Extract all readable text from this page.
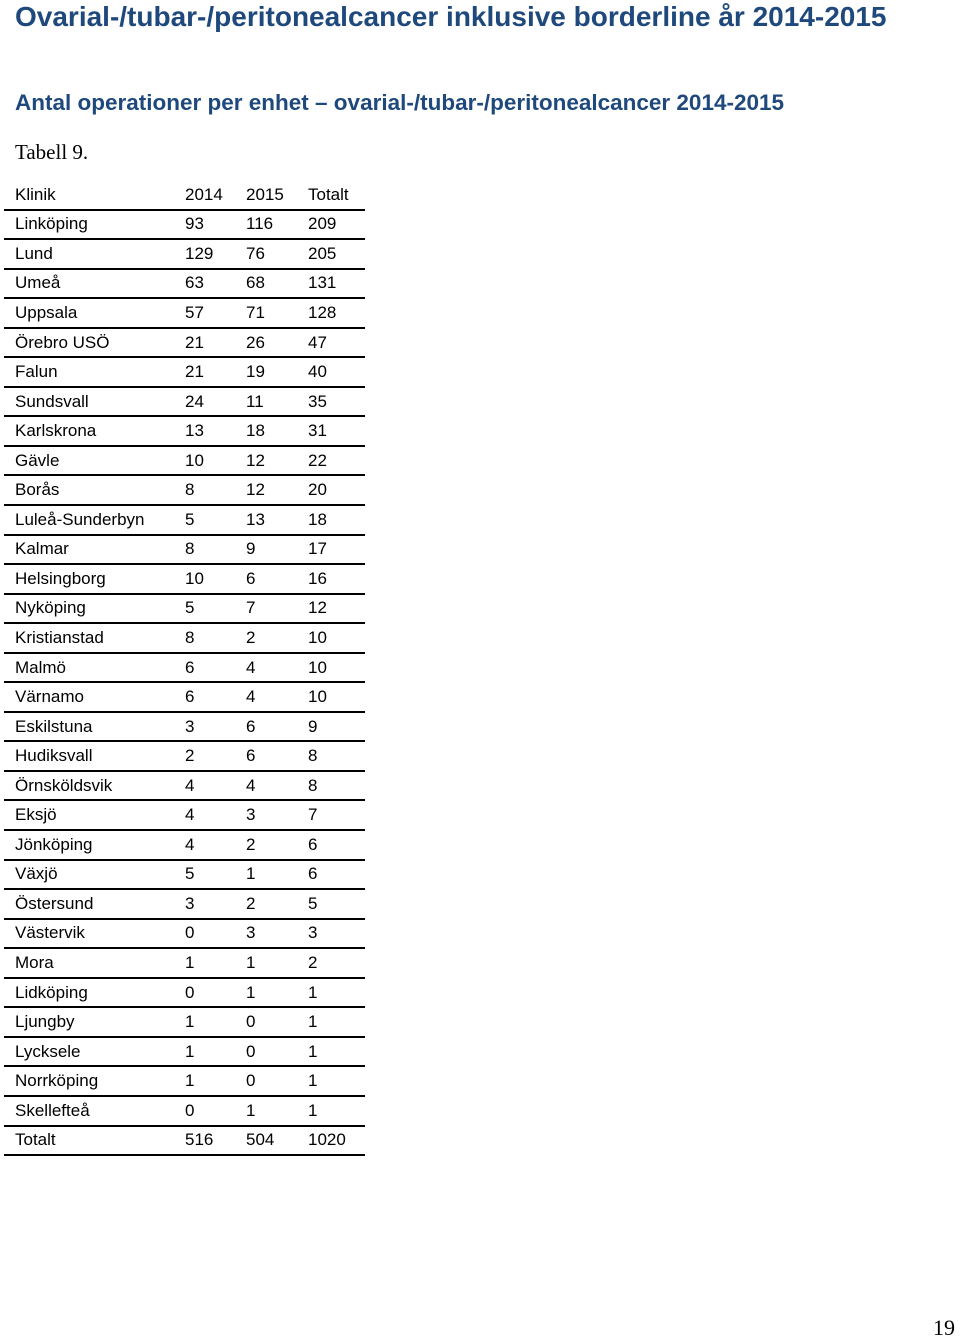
Ovarial-/tubar-/peritonealcancer inklusive borderline år 2014-2015
Antal operationer per enhet – ovarial-/tubar-/peritonealcancer 2014-2015
Tabell 9.
Klinik	2014	2015	Totalt
Linköping	93	116	209
Lund	129	76	205
Umeå	63	68	131
Uppsala	57	71	128
Örebro USÖ	21	26	47
Falun	21	19	40
Sundsvall	24	11	35
Karlskrona	13	18	31
Gävle	10	12	22
Borås	8	12	20
Luleå-Sunderbyn	5	13	18
Kalmar	8	9	17
Helsingborg	10	6	16
Nyköping	5	7	12
Kristianstad	8	2	10
Malmö	6	4	10
Värnamo	6	4	10
Eskilstuna	3	6	9
Hudiksvall	2	6	8
Örnsköldsvik	4	4	8
Eksjö	4	3	7
Jönköping	4	2	6
Växjö	5	1	6
Östersund	3	2	5
Västervik	0	3	3
Mora	1	1	2
Lidköping	0	1	1
Ljungby	1	0	1
Lycksele	1	0	1
Norrköping	1	0	1
Skellefteå	0	1	1
Totalt	516	504	1020
19
